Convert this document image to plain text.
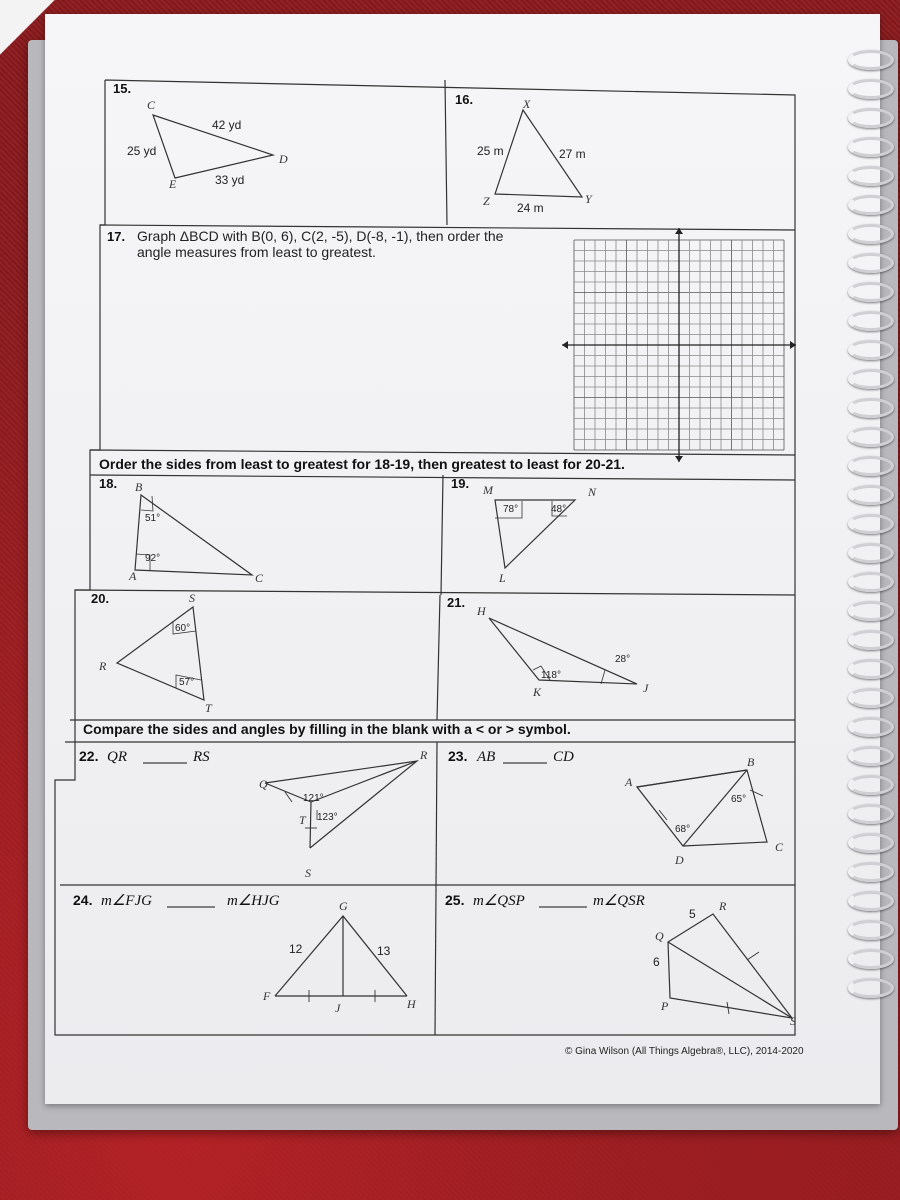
15.
C
D
E
42 yd
25 yd
33 yd
16.	X
Y
Z
25 m	27 m
24 m
17. Graph ΔBCD with B(0, 6), C(2, -5), D(-8, -1), then order the
angle measures from least to greatest.
Order the sides from least to greatest for 18-19, then greatest to least for 20-21.
18. B
A	C
51°
92°
19. M	N
L
78°	48°
20.	S
R
T
60°
57°
21.
H
K	J
118°
28°
Compare the sides and angles by filling in the blank with a < or > symbol.
22. QR	RS
Q
R
T
S
121°
123°
23. AB	CD
A
B
C
D
65°
68°
24. m∠FJG	m∠HJG	G
F
J	H
12	13
25. m∠QSP	m∠QSR	R
Q
P
S
5
6
© Gina Wilson (All Things Algebra®, LLC), 2014-2020
